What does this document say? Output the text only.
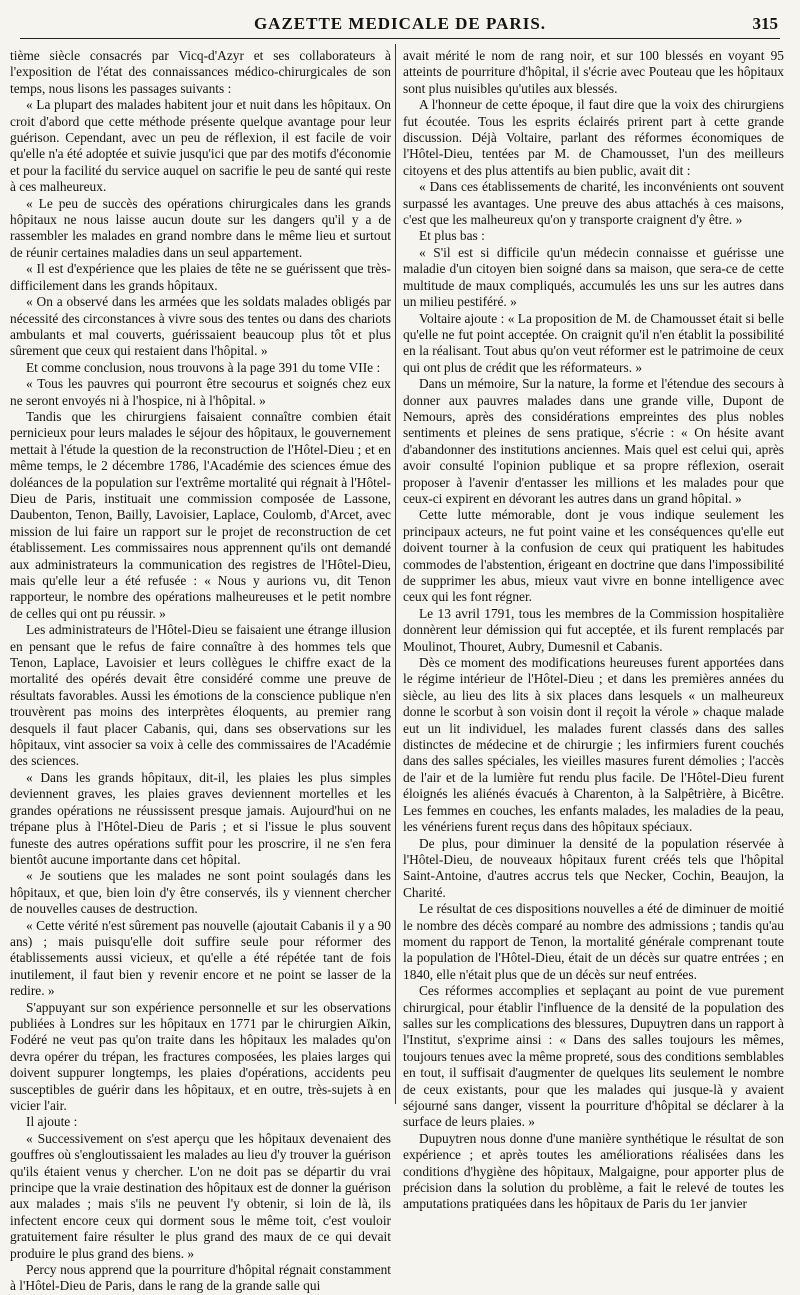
GAZETTE MEDICALE DE PARIS.	315

tième siècle consacrés par Vicq-d'Azyr et ses collaborateurs à l'exposition de l'état des connaissances médico-chirurgicales de son temps, nous lisons les passages suivants :

« La plupart des malades habitent jour et nuit dans les hôpitaux. On croit d'abord que cette méthode présente quelque avantage pour leur guérison. Cependant, avec un peu de réflexion, il est facile de voir qu'elle n'a été adoptée et suivie jusqu'ici que par des motifs d'économie et pour la facilité du service auquel on sacrifie le peu de santé qui reste à ces malheureux.

« Le peu de succès des opérations chirurgicales dans les grands hôpitaux ne nous laisse aucun doute sur les dangers qu'il y a de rassembler les malades en grand nombre dans le même lieu et surtout de réunir certaines maladies dans un seul appartement.

« Il est d'expérience que les plaies de tête ne se guérissent que très-difficilement dans les grands hôpitaux.

« On a observé dans les armées que les soldats malades obligés par nécessité des circonstances à vivre sous des tentes ou dans des chariots ambulants et mal couverts, guérissaient beaucoup plus tôt et plus sûrement que ceux qui restaient dans l'hôpital. »

Et comme conclusion, nous trouvons à la page 391 du tome VIIe :

« Tous les pauvres qui pourront être secourus et soignés chez eux ne seront envoyés ni à l'hospice, ni à l'hôpital. »

Tandis que les chirurgiens faisaient connaître combien était pernicieux pour leurs malades le séjour des hôpitaux, le gouvernement mettait à l'étude la question de la reconstruction de l'Hôtel-Dieu ; et en même temps, le 2 décembre 1786, l'Académie des sciences émue des doléances de la population sur l'extrême mortalité qui régnait à l'Hôtel-Dieu de Paris, instituait une commission composée de Lassone, Daubenton, Tenon, Bailly, Lavoisier, Laplace, Coulomb, d'Arcet, avec mission de lui faire un rapport sur le projet de reconstruction de cet établissement. Les commissaires nous apprennent qu'ils ont demandé aux administrateurs la communication des registres de l'Hôtel-Dieu, mais qu'elle leur a été refusée : « Nous y aurions vu, dit Tenon rapporteur, le nombre des opérations malheureuses et le petit nombre de celles qui ont pu réussir. »

Les administrateurs de l'Hôtel-Dieu se faisaient une étrange illusion en pensant que le refus de faire connaître à des hommes tels que Tenon, Laplace, Lavoisier et leurs collègues le chiffre exact de la mortalité des opérés devait être considéré comme une preuve de résultats favorables. Aussi les émotions de la conscience publique n'en trouvèrent pas moins des interprètes éloquents, au premier rang desquels il faut placer Cabanis, qui, dans ses observations sur les hôpitaux, vint associer sa voix à celle des commissaires de l'Académie des sciences.

« Dans les grands hôpitaux, dit-il, les plaies les plus simples deviennent graves, les plaies graves deviennent mortelles et les grandes opérations ne réussissent presque jamais. Aujourd'hui on ne trépane plus à l'Hôtel-Dieu de Paris ; et si l'issue le plus souvent funeste des autres opérations suffit pour les proscrire, il ne s'en fera bientôt aucune importante dans cet hôpital.

« Je soutiens que les malades ne sont point soulagés dans les hôpitaux, et que, bien loin d'y être conservés, ils y viennent chercher de nouvelles causes de destruction.

« Cette vérité n'est sûrement pas nouvelle (ajoutait Cabanis il y a 90 ans) ; mais puisqu'elle doit suffire seule pour réformer des établissements aussi vicieux, et qu'elle a été répétée tant de fois inutilement, il faut bien y revenir encore et ne point se lasser de la redire. »

S'appuyant sur son expérience personnelle et sur les observations publiées à Londres sur les hôpitaux en 1771 par le chirurgien Aïkin, Fodéré ne veut pas qu'on traite dans les hôpitaux les malades qu'on devra opérer du trépan, les fractures composées, les plaies larges qui doivent suppurer longtemps, les plaies d'opérations, accidents peu susceptibles de guérir dans les hôpitaux, et en outre, très-sujets à en vicier l'air.

Il ajoute :

« Successivement on s'est aperçu que les hôpitaux devenaient des gouffres où s'engloutissaient les malades au lieu d'y trouver la guérison qu'ils étaient venus y chercher. L'on ne doit pas se départir du vrai principe que la vraie destination des hôpitaux est de donner la guérison aux malades ; mais s'ils ne peuvent l'y obtenir, si loin de là, ils infectent encore ceux qui dorment sous le même toit, c'est vouloir gratuitement faire résulter le plus grand des maux de ce qui devait produire le plus grand des biens. »

Percy nous apprend que la pourriture d'hôpital régnait constamment à l'Hôtel-Dieu de Paris, dans le rang de la grande salle qui

avait mérité le nom de rang noir, et sur 100 blessés en voyant 95 atteints de pourriture d'hôpital, il s'écrie avec Pouteau que les hôpitaux sont plus nuisibles qu'utiles aux blessés.

A l'honneur de cette époque, il faut dire que la voix des chirurgiens fut écoutée. Tous les esprits éclairés prirent part à cette grande discussion. Déjà Voltaire, parlant des réformes économiques de l'Hôtel-Dieu, tentées par M. de Chamousset, l'un des meilleurs citoyens et des plus attentifs au bien public, avait dit :

« Dans ces établissements de charité, les inconvénients ont souvent surpassé les avantages. Une preuve des abus attachés à ces maisons, c'est que les malheureux qu'on y transporte craignent d'y être. »

Et plus bas :

« S'il est si difficile qu'un médecin connaisse et guérisse une maladie d'un citoyen bien soigné dans sa maison, que sera-ce de cette multitude de maux compliqués, accumulés les uns sur les autres dans un milieu pestiféré. »

Voltaire ajoute : « La proposition de M. de Chamousset était si belle qu'elle ne fut point acceptée. On craignit qu'il n'en établit la possibilité en la réalisant. Tout abus qu'on veut réformer est le patrimoine de ceux qui ont plus de crédit que les réformateurs. »

Dans un mémoire, Sur la nature, la forme et l'étendue des secours à donner aux pauvres malades dans une grande ville, Dupont de Nemours, après des considérations empreintes des plus nobles sentiments et pleines de sens pratique, s'écrie : « On hésite avant d'abandonner des institutions anciennes. Mais quel est celui qui, après avoir consulté l'opinion publique et sa propre réflexion, oserait proposer à l'avenir d'entasser les millions et les malades pour que ceux-ci expirent en dévorant les autres dans un grand hôpital. »

Cette lutte mémorable, dont je vous indique seulement les principaux acteurs, ne fut point vaine et les conséquences qu'elle eut doivent tourner à la confusion de ceux qui pratiquent les habitudes commodes de l'abstention, érigeant en doctrine que dans l'impossibilité de supprimer les abus, mieux vaut vivre en bonne intelligence avec ceux qui les font régner.

Le 13 avril 1791, tous les membres de la Commission hospitalière donnèrent leur démission qui fut acceptée, et ils furent remplacés par Moulinot, Thouret, Aubry, Dumesnil et Cabanis.

Dès ce moment des modifications heureuses furent apportées dans le régime intérieur de l'Hôtel-Dieu ; et dans les premières années du siècle, au lieu des lits à six places dans lesquels « un malheureux donne le scorbut à son voisin dont il reçoit la vérole » chaque malade eut un lit individuel, les malades furent classés dans des salles distinctes de médecine et de chirurgie ; les infirmiers furent couchés dans des salles spéciales, les vieilles masures furent démolies ; l'accès de l'air et de la lumière fut rendu plus facile. De l'Hôtel-Dieu furent éloignés les aliénés évacués à Charenton, à la Salpêtrière, à Bicêtre. Les femmes en couches, les enfants malades, les maladies de la peau, les vénériens furent reçus dans des hôpitaux spéciaux.

De plus, pour diminuer la densité de la population réservée à l'Hôtel-Dieu, de nouveaux hôpitaux furent créés tels que l'hôpital Saint-Antoine, d'autres accrus tels que Necker, Cochin, Beaujon, la Charité.

Le résultat de ces dispositions nouvelles a été de diminuer de moitié le nombre des décès comparé au nombre des admissions ; tandis qu'au moment du rapport de Tenon, la mortalité générale comprenant toute la population de l'Hôtel-Dieu, était de un décès sur quatre entrées ; en 1840, elle n'était plus que de un décès sur neuf entrées.

Ces réformes accomplies et seplaçant au point de vue purement chirurgical, pour établir l'influence de la densité de la population des salles sur les complications des blessures, Dupuytren dans un rapport à l'Institut, s'exprime ainsi : « Dans des salles toujours les mêmes, toujours tenues avec la même propreté, sous des conditions semblables en tout, il suffisait d'augmenter de quelques lits seulement le nombre de ceux existants, pour que les malades qui jusque-là y avaient séjourné sans danger, vissent la pourriture d'hôpital se déclarer à la surface de leurs plaies. »

Dupuytren nous donne d'une manière synthétique le résultat de son expérience ; et après toutes les améliorations réalisées dans les conditions d'hygiène des hôpitaux, Malgaigne, pour apporter plus de précision dans la solution du problème, a fait le relevé de toutes les amputations pratiquées dans les hôpitaux de Paris du 1er janvier
